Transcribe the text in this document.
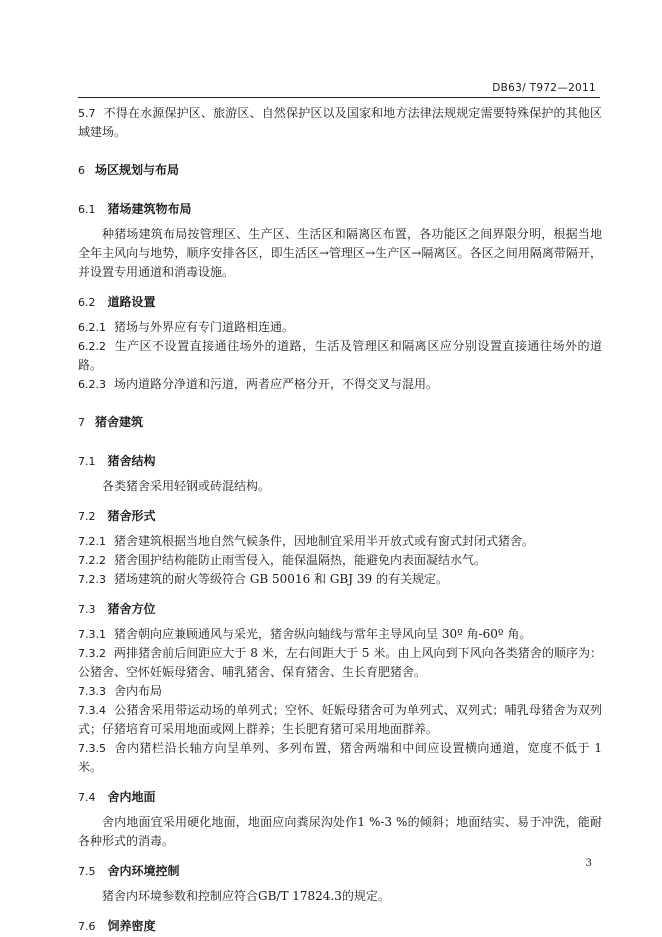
DB63/ T972—2011

5.7 不得在水源保护区、旅游区、自然保护区以及国家和地方法律法规规定需要特殊保护的其他区域建场。

6 场区规划与布局

6.1 猪场建筑物布局

种猪场建筑布局按管理区、生产区、生活区和隔离区布置，各功能区之间界限分明，根据当地全年主风向与地势，顺序安排各区，即生活区→管理区→生产区→隔离区。各区之间用隔离带隔开，并设置专用通道和消毒设施。

6.2 道路设置

6.2.1 猪场与外界应有专门道路相连通。

6.2.2 生产区不设置直接通往场外的道路，生活及管理区和隔离区应分别设置直接通往场外的道路。

6.2.3 场内道路分净道和污道，两者应严格分开，不得交叉与混用。

7 猪舍建筑

7.1 猪舍结构

各类猪舍采用轻钢或砖混结构。

7.2 猪舍形式

7.2.1 猪舍建筑根据当地自然气候条件，因地制宜采用半开放式或有窗式封闭式猪舍。

7.2.2 猪舍围护结构能防止雨雪侵入，能保温隔热，能避免内表面凝结水气。

7.2.3 猪场建筑的耐火等级符合 GB 50016 和 GBJ 39 的有关规定。

7.3 猪舍方位

7.3.1 猪舍朝向应兼顾通风与采光，猪舍纵向轴线与常年主导风向呈 30º 角-60º 角。

7.3.2 两排猪舍前后间距应大于 8 米，左右间距大于 5 米。由上风向到下风向各类猪舍的顺序为：公猪舍、空怀妊娠母猪舍、哺乳猪舍、保育猪舍、生长育肥猪舍。

7.3.3 舍内布局

7.3.4 公猪舍采用带运动场的单列式；空怀、妊娠母猪舍可为单列式、双列式；哺乳母猪舍为双列式；仔猪培育可采用地面或网上群养；生长肥育猪可采用地面群养。

7.3.5 舍内猪栏沿长轴方向呈单列、多列布置，猪舍两端和中间应设置横向通道，宽度不低于 1 米。

7.4 舍内地面

舍内地面宜采用硬化地面，地面应向粪尿沟处作1 %-3 %的倾斜；地面结实、易于冲洗，能耐各种形式的消毒。

7.5 舍内环境控制

猪舍内环境参数和控制应符合GB/T 17824.3的规定。

7.6 饲养密度

3
